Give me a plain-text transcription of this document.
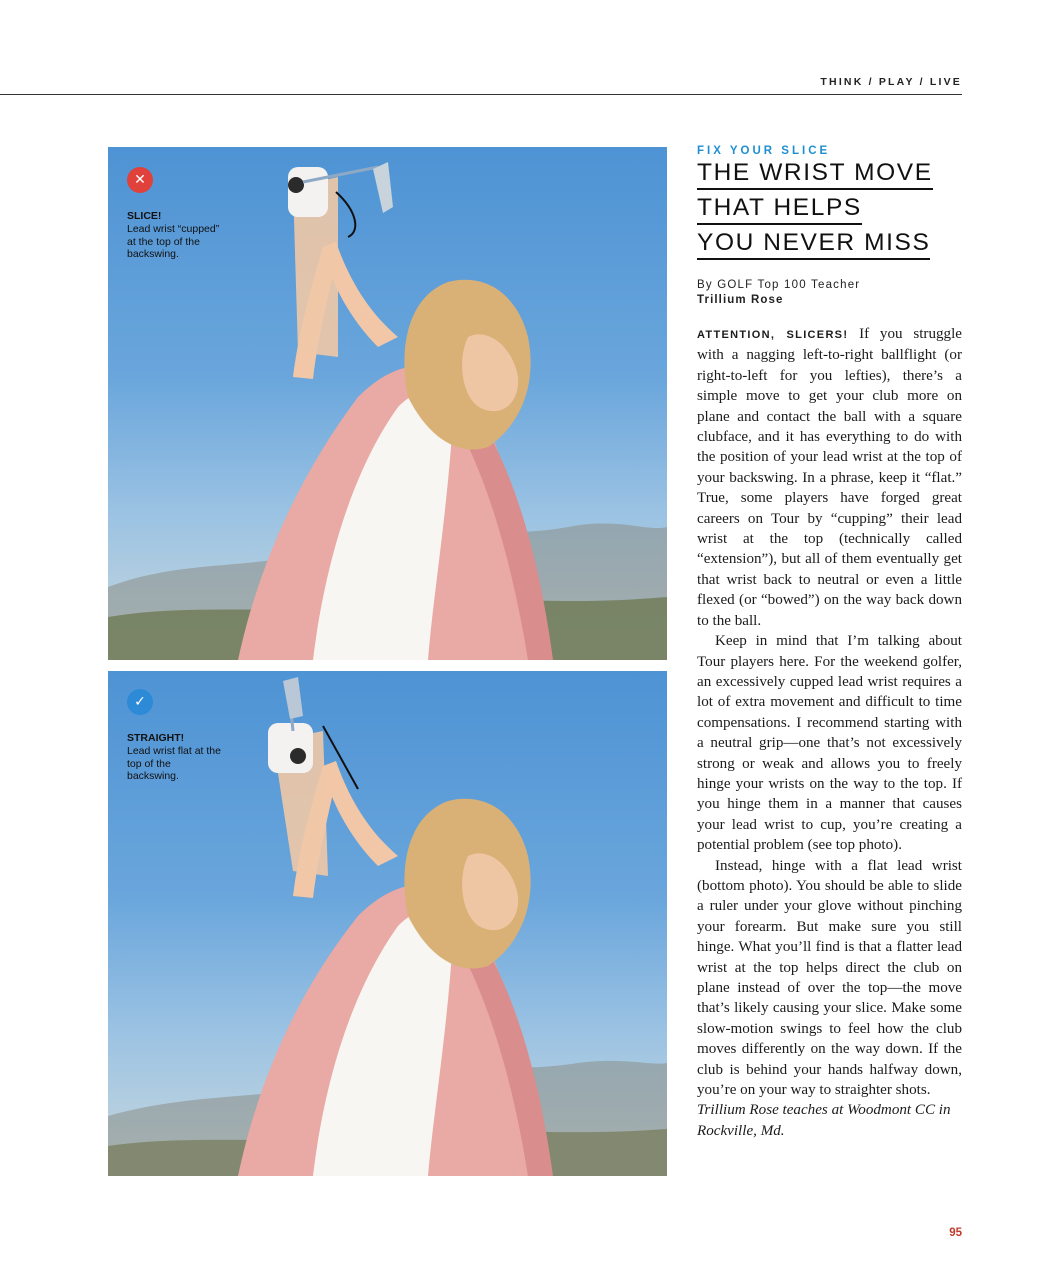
THINK / PLAY / LIVE
✕
SLICE!
Lead wrist “cupped” at the top of the backswing.
✓
STRAIGHT!
Lead wrist flat at the top of the backswing.
FIX YOUR SLICE
THE WRIST MOVE
THAT HELPS
YOU NEVER MISS
By GOLF Top 100 Teacher
Trillium Rose

ATTENTION, SLICERS! If you struggle with a nagging left-to-right ballflight (or right-to-left for you lefties), there’s a simple move to get your club more on plane and contact the ball with a square clubface, and it has everything to do with the position of your lead wrist at the top of your backswing. In a phrase, keep it “flat.” True, some players have forged great careers on Tour by “cupping” their lead wrist at the top (technically called “extension”), but all of them eventually get that wrist back to neutral or even a little flexed (or “bowed”) on the way back down to the ball.

Keep in mind that I’m talking about Tour players here. For the weekend golfer, an excessively cupped lead wrist requires a lot of extra movement and difficult to time compensations. I recommend starting with a neutral grip—one that’s not excessively strong or weak and allows you to freely hinge your wrists on the way to the top. If you hinge them in a manner that causes your lead wrist to cup, you’re creating a potential problem (see top photo).

Instead, hinge with a flat lead wrist (bottom photo). You should be able to slide a ruler under your glove without pinching your forearm. But make sure you still hinge. What you’ll find is that a flatter lead wrist at the top helps direct the club on plane instead of over the top—the move that’s likely causing your slice. Make some slow-motion swings to feel how the club moves differently on the way down. If the club is behind your hands halfway down, you’re on your way to straighter shots.

Trillium Rose teaches at Woodmont CC in Rockville, Md.

95
